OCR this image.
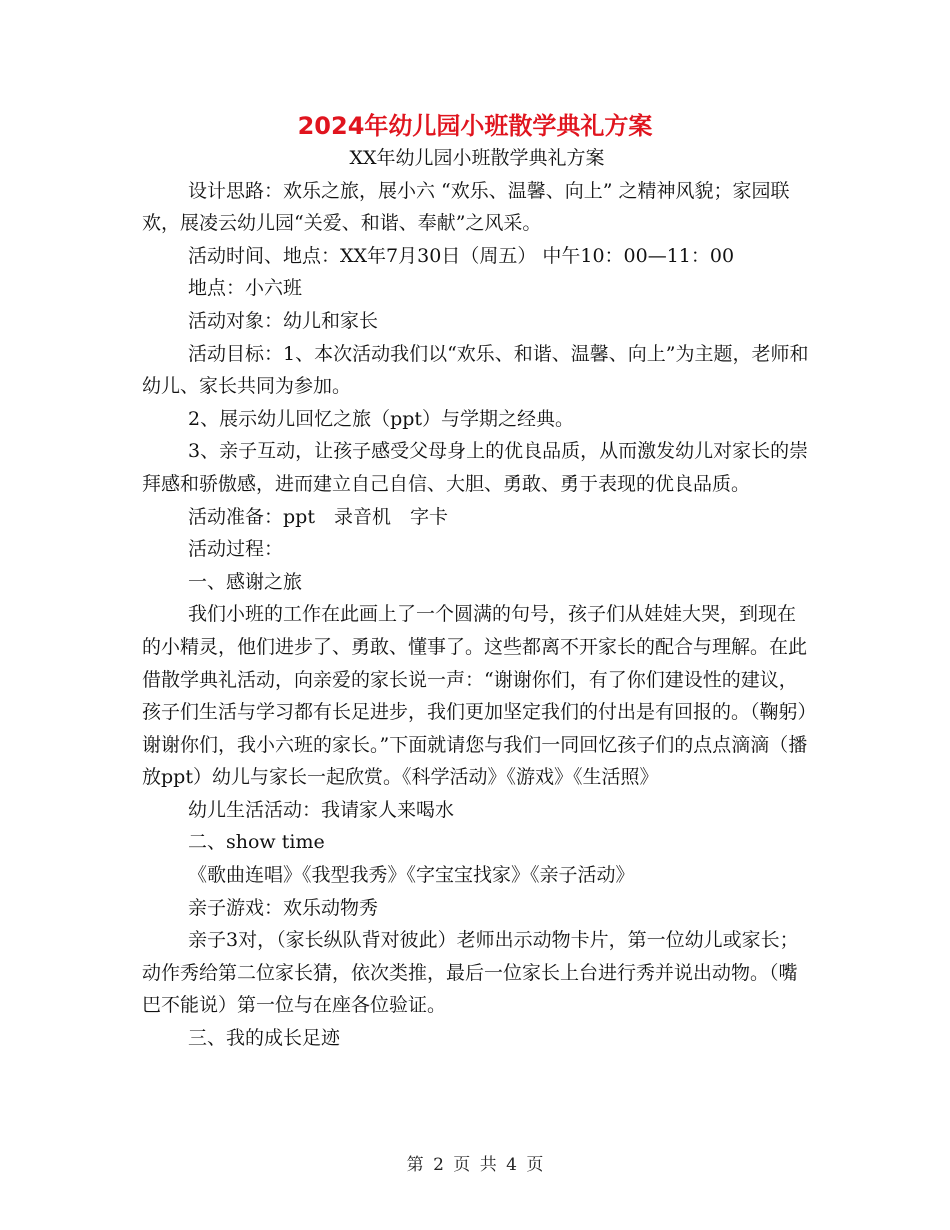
2024年幼儿园小班散学典礼方案

XX年幼儿园小班散学典礼方案

设计思路：欢乐之旅，展小六 “欢乐、温馨、向上” 之精神风貌；家园联欢，展凌云幼儿园“关爱、和谐、奉献”之风采。

活动时间、地点：XX年7月30日（周五） 中午10：00—11：00

地点：小六班

活动对象：幼儿和家长

活动目标：1、本次活动我们以“欢乐、和谐、温馨、向上”为主题，老师和幼儿、家长共同为参加。

2、展示幼儿回忆之旅（ppt）与学期之经典。

3、亲子互动，让孩子感受父母身上的优良品质，从而激发幼儿对家长的崇拜感和骄傲感，进而建立自己自信、大胆、勇敢、勇于表现的优良品质。

活动准备：ppt　录音机　字卡

活动过程：

一、感谢之旅

我们小班的工作在此画上了一个圆满的句号，孩子们从娃娃大哭，到现在的小精灵，他们进步了、勇敢、懂事了。这些都离不开家长的配合与理解。在此借散学典礼活动，向亲爱的家长说一声：“谢谢你们，有了你们建设性的建议，孩子们生活与学习都有长足进步，我们更加坚定我们的付出是有回报的。（鞠躬）谢谢你们，我小六班的家长。”下面就请您与我们一同回忆孩子们的点点滴滴（播放ppt）幼儿与家长一起欣赏。《科学活动》《游戏》《生活照》

幼儿生活活动：我请家人来喝水

二、show time

《歌曲连唱》《我型我秀》《字宝宝找家》《亲子活动》

亲子游戏：欢乐动物秀

亲子3对，（家长纵队背对彼此）老师出示动物卡片，第一位幼儿或家长；动作秀给第二位家长猜，依次类推，最后一位家长上台进行秀并说出动物。（嘴巴不能说）第一位与在座各位验证。

三、我的成长足迹

第 2 页 共 4 页
